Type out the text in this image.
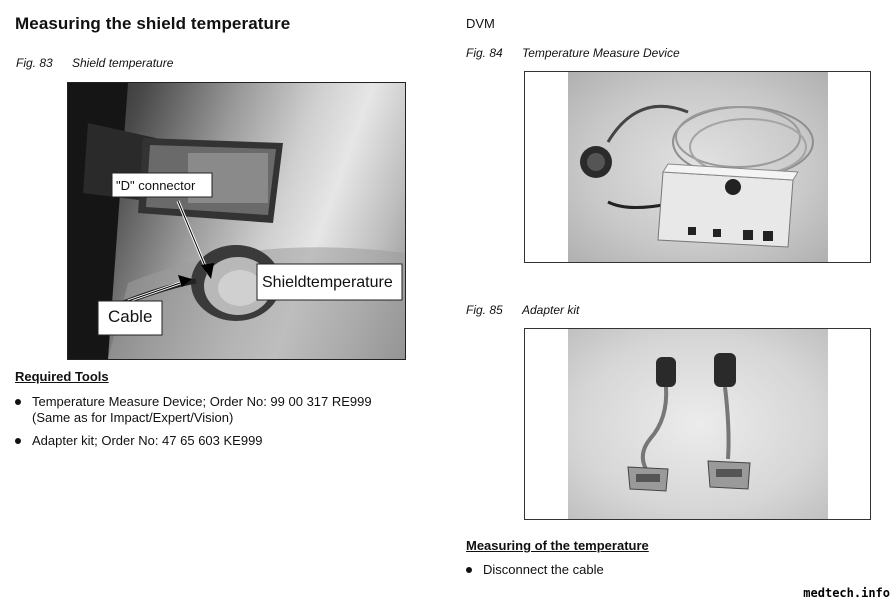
Measuring the shield temperature
Fig. 83 Shield temperature
"D" connector
Shieldtemperature
Cable
Required Tools
Temperature Measure Device; Order No: 99 00 317 RE999
(Same as for Impact/Expert/Vision)
Adapter kit; Order No: 47 65 603 KE999
DVM
Fig. 84 Temperature Measure Device
Fig. 85 Adapter kit
Measuring of the temperature
Disconnect the cable
medtech.info
